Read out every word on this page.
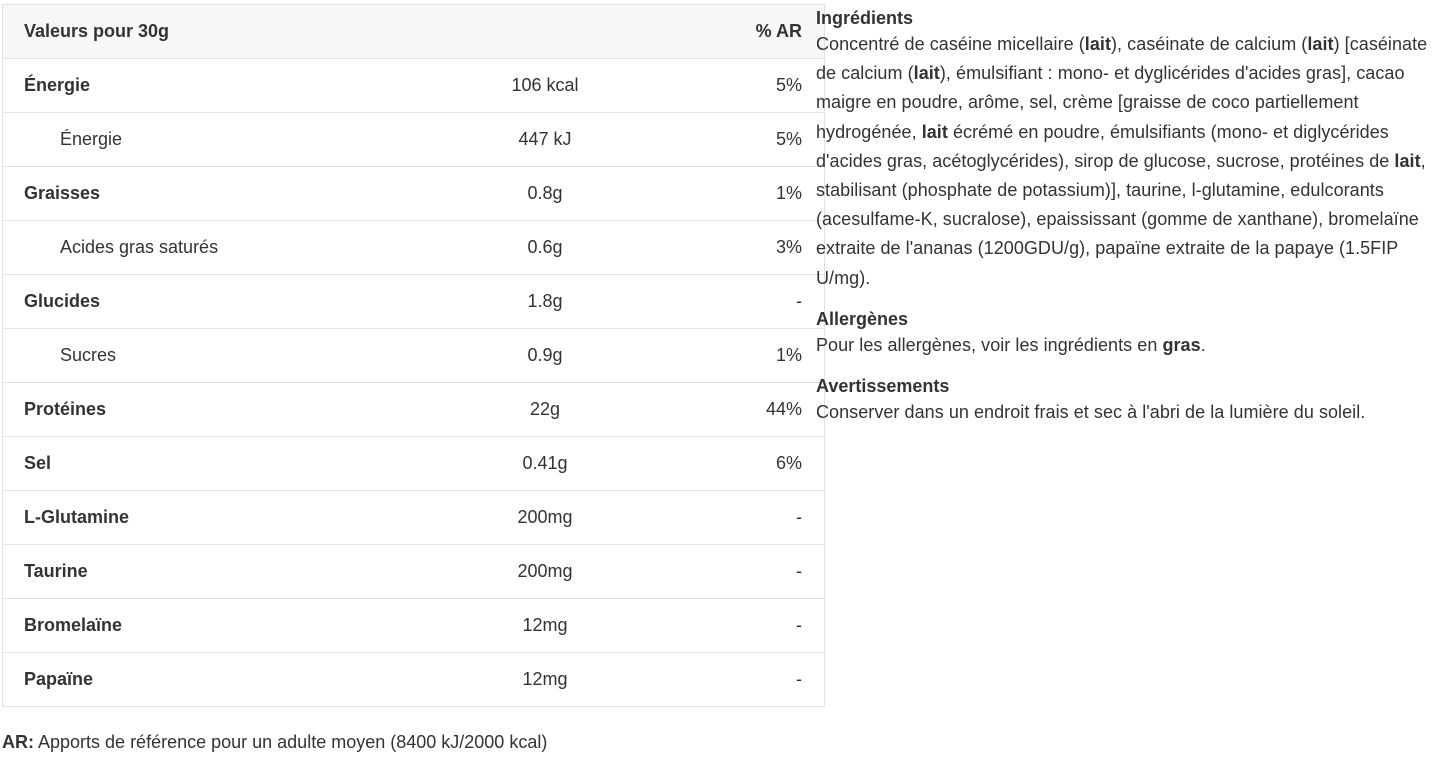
Valeurs pour 30g		% AR
Énergie	106 kcal	5%
Énergie	447 kJ	5%
Graisses	0.8g	1%
Acides gras saturés	0.6g	3%
Glucides	1.8g	-
Sucres	0.9g	1%
Protéines	22g	44%
Sel	0.41g	6%
L-Glutamine	200mg	-
Taurine	200mg	-
Bromelaïne	12mg	-
Papaïne	12mg	-
AR: Apports de référence pour un adulte moyen (8400 kJ/2000 kcal)
Ingrédients

Concentré de caséine micellaire (lait), caséinate de calcium (lait) [caséinate de calcium (lait), émulsifiant : mono- et dyglicérides d'acides gras], cacao maigre en poudre, arôme, sel, crème [graisse de coco partiellement hydrogénée, lait écrémé en poudre, émulsifiants (mono- et diglycérides d'acides gras, acétoglycérides), sirop de glucose, sucrose, protéines de lait, stabilisant (phosphate de potassium)], taurine, l-glutamine, edulcorants (acesulfame-K, sucralose), epaississant (gomme de xanthane), bromelaïne extraite de l'ananas (1200GDU/g), papaïne extraite de la papaye (1.5FIP U/mg).

Allergènes

Pour les allergènes, voir les ingrédients en gras.

Avertissements

Conserver dans un endroit frais et sec à l'abri de la lumière du soleil.
